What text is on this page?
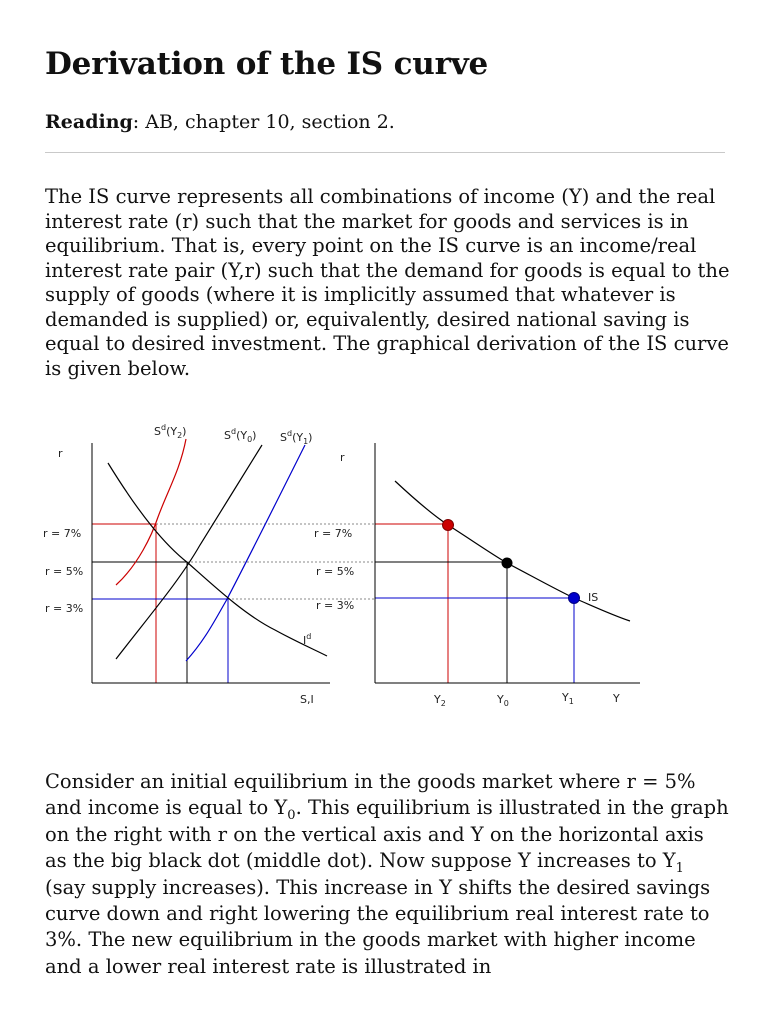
Derivation of the IS curve
Reading: AB, chapter 10, section 2.

The IS curve represents all combinations of income (Y) and the real interest rate (r) such that the market for goods and services is in equilibrium. That is, every point on the IS curve is an income/real interest rate pair (Y,r) such that the demand for goods is equal to the supply of goods (where it is implicitly assumed that whatever is demanded is supplied) or, equivalently, desired national saving is equal to desired investment. The graphical derivation of the IS curve is given below.

r
S,I
r = 7%
r = 5%
r = 3%
$S^d(Y_2)$	$S^d(Y_0)$ $S^d(Y_1)$
$I^d$
r = 7%
r = 5%
r = 3%
r
Y
IS
$Y_2$	$Y_0$	$Y_1$

Consider an initial equilibrium in the goods market where r = 5% and income is equal to $Y_0$. This equilibrium is illustrated in the graph on the right with r on the vertical axis and Y on the horizontal axis as the big black dot (middle dot). Now suppose Y increases to $Y_1$ (say supply increases). This increase in Y shifts the desired savings curve down and right lowering the equilibrium real interest rate to 3%. The new equilibrium in the goods market with higher income and a lower real interest rate is illustrated in
